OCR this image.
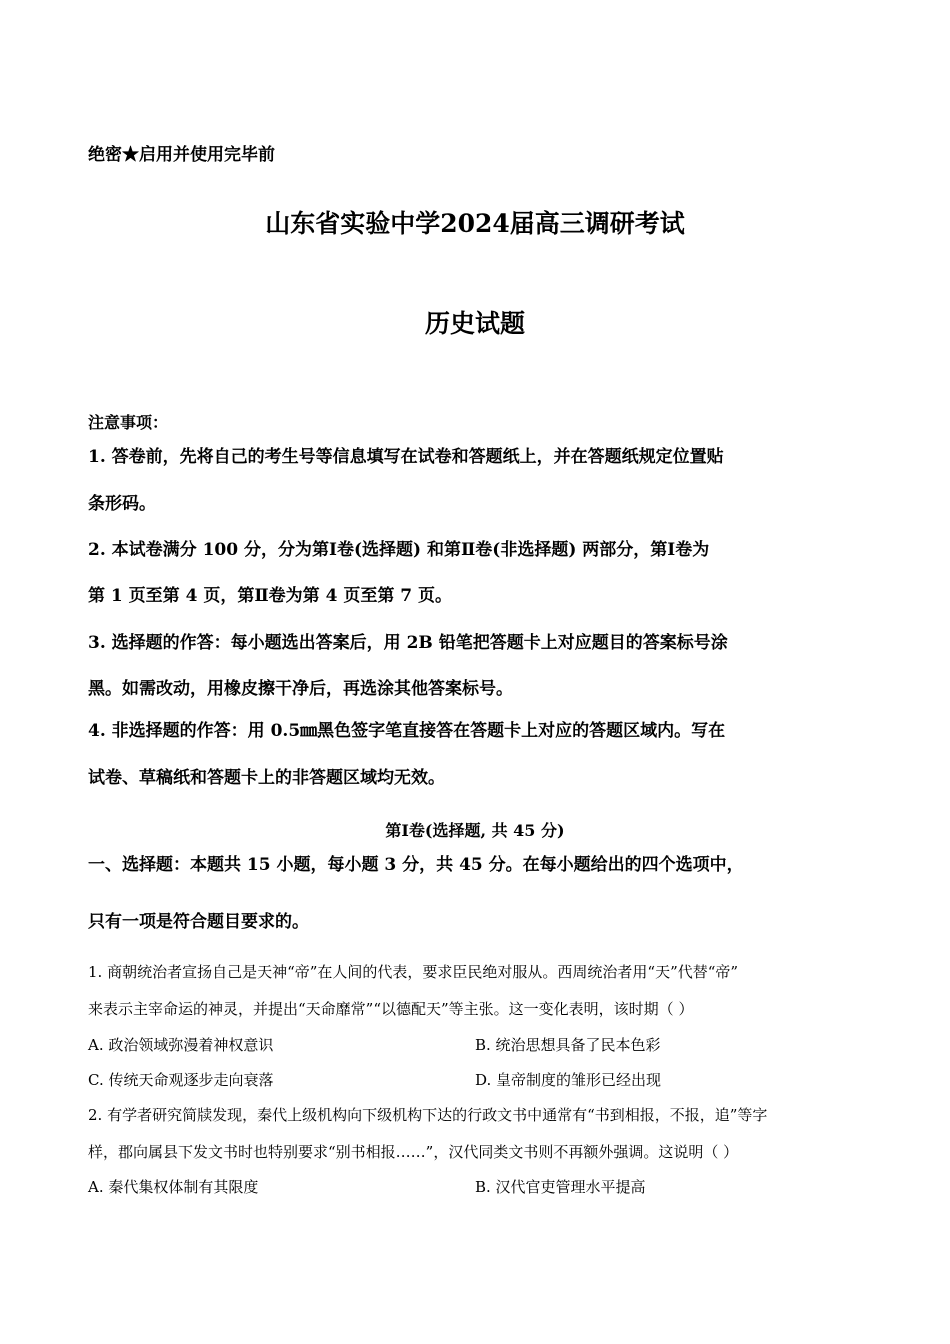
绝密★启用并使用完毕前
山东省实验中学2024届高三调研考试
历史试题
注意事项：
1. 答卷前，先将自己的考生号等信息填写在试卷和答题纸上，并在答题纸规定位置贴
条形码。
2. 本试卷满分 100 分，分为第Ⅰ卷(选择题) 和第Ⅱ卷(非选择题) 两部分，第Ⅰ卷为
第 1 页至第 4 页，第Ⅱ卷为第 4 页至第 7 页。
3. 选择题的作答：每小题选出答案后，用 2B 铅笔把答题卡上对应题目的答案标号涂
黑。如需改动，用橡皮擦干净后，再选涂其他答案标号。
4. 非选择题的作答：用 0.5㎜黑色签字笔直接答在答题卡上对应的答题区域内。写在
试卷、草稿纸和答题卡上的非答题区域均无效。
第Ⅰ卷(选择题, 共 45 分)
一、选择题：本题共 15 小题，每小题 3 分，共 45 分。在每小题给出的四个选项中，
只有一项是符合题目要求的。
1. 商朝统治者宣扬自己是天神“帝”在人间的代表，要求臣民绝对服从。西周统治者用“天”代替“帝”
来表示主宰命运的神灵，并提出“天命靡常”“以德配天”等主张。这一变化表明，该时期（ ）
A. 政治领域弥漫着神权意识	B. 统治思想具备了民本色彩
C. 传统天命观逐步走向衰落	D. 皇帝制度的雏形已经出现
2. 有学者研究简牍发现，秦代上级机构向下级机构下达的行政文书中通常有“书到相报，不报，追”等字
样，郡向属县下发文书时也特别要求“别书相报……”，汉代同类文书则不再额外强调。这说明（ ）
A. 秦代集权体制有其限度	B. 汉代官吏管理水平提高
